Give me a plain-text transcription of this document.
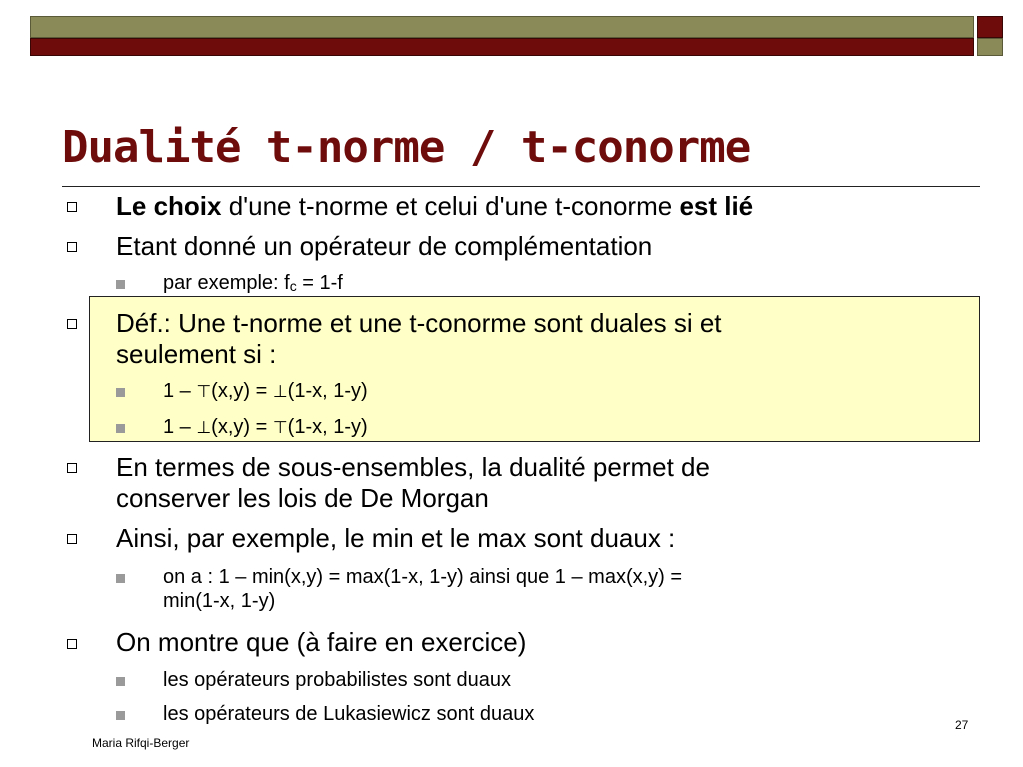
Dualité t-norme / t-conorme
Le choix d'une t-norme et celui d'une t-conorme est lié
Etant donné un opérateur de complémentation
par exemple: fc = 1-f
Déf.: Une t-norme et une t-conorme sont duales si et
seulement si :
1 – ⊤(x,y) = ⊥(1-x, 1-y)
1 – ⊥(x,y) = ⊤(1-x, 1-y)
En termes de sous-ensembles, la dualité permet de
conserver les lois de De Morgan
Ainsi, par exemple, le min et le max sont duaux :
on a : 1 – min(x,y) = max(1-x, 1-y) ainsi que 1 – max(x,y) =
min(1-x, 1-y)
On montre que (à faire en exercice)
les opérateurs probabilistes sont duaux
les opérateurs de Lukasiewicz sont duaux
Maria Rifqi-Berger
27
